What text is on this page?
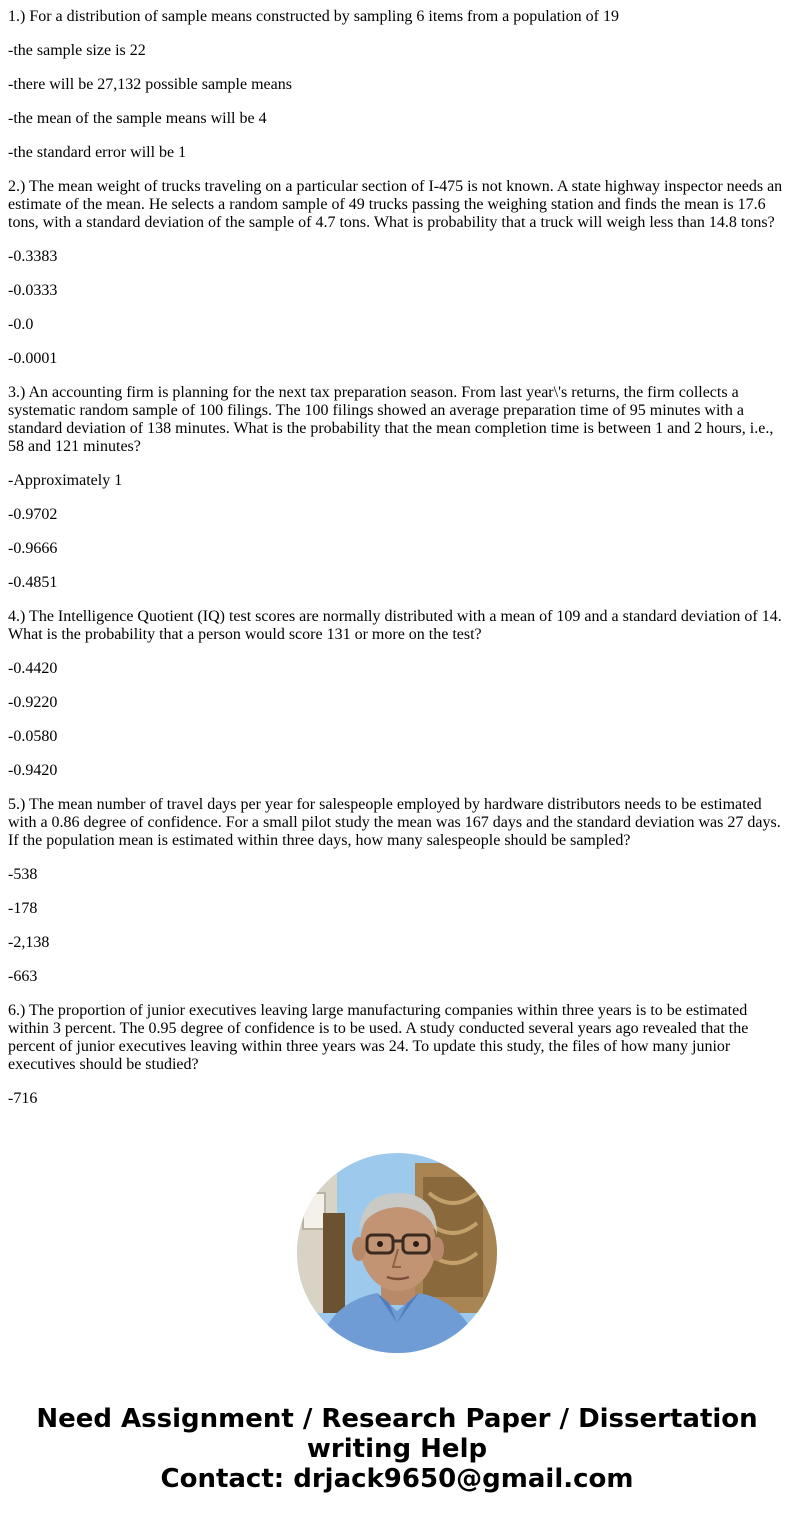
1.) For a distribution of sample means constructed by sampling 6 items from a population of 19

-the sample size is 22

-there will be 27,132 possible sample means

-the mean of the sample means will be 4

-the standard error will be 1

2.) The mean weight of trucks traveling on a particular section of I-475 is not known. A state highway inspector needs an estimate of the mean. He selects a random sample of 49 trucks passing the weighing station and finds the mean is 17.6 tons, with a standard deviation of the sample of 4.7 tons. What is probability that a truck will weigh less than 14.8 tons?

-0.3383

-0.0333

-0.0

-0.0001

3.) An accounting firm is planning for the next tax preparation season. From last year\'s returns, the firm collects a systematic random sample of 100 filings. The 100 filings showed an average preparation time of 95 minutes with a standard deviation of 138 minutes. What is the probability that the mean completion time is between 1 and 2 hours, i.e., 58 and 121 minutes?

-Approximately 1

-0.9702

-0.9666

-0.4851

4.) The Intelligence Quotient (IQ) test scores are normally distributed with a mean of 109 and a standard deviation of 14. What is the probability that a person would score 131 or more on the test?

-0.4420

-0.9220

-0.0580

-0.9420

5.) The mean number of travel days per year for salespeople employed by hardware distributors needs to be estimated with a 0.86 degree of confidence. For a small pilot study the mean was 167 days and the standard deviation was 27 days. If the population mean is estimated within three days, how many salespeople should be sampled?

-538

-178

-2,138

-663

6.) The proportion of junior executives leaving large manufacturing companies within three years is to be estimated within 3 percent. The 0.95 degree of confidence is to be used. A study conducted several years ago revealed that the percent of junior executives leaving within three years was 24. To update this study, the files of how many junior executives should be studied?

-716

Need Assignment / Research Paper / Dissertation
writing Help
Contact: drjack9650@gmail.com
